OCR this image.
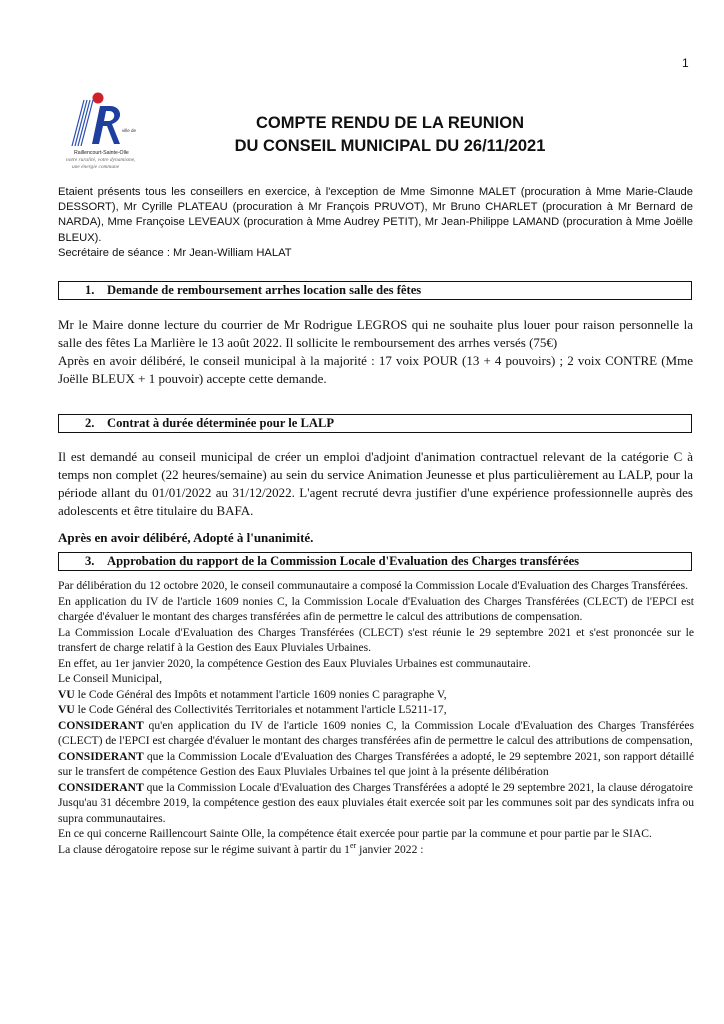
1
ville de
Raillencourt-Sainte-Olle
notre ruralité, votre dynamisme,
une énergie commune
COMPTE RENDU DE LA REUNION
DU CONSEIL MUNICIPAL DU 26/11/2021

Etaient présents tous les conseillers en exercice, à l'exception de Mme Simonne MALET (procuration à Mme Marie-Claude DESSORT), Mr Cyrille PLATEAU (procuration à Mr François PRUVOT), Mr Bruno CHARLET (procuration à Mr Bernard de NARDA), Mme Françoise LEVEAUX (procuration à Mme Audrey PETIT), Mr Jean-Philippe LAMAND (procuration à Mme Joëlle BLEUX).

Secrétaire de séance : Mr Jean-William HALAT

1. Demande de remboursement arrhes location salle des fêtes

Mr le Maire donne lecture du courrier de Mr Rodrigue LEGROS qui ne souhaite plus louer pour raison personnelle la salle des fêtes La Marlière le 13 août 2022. Il sollicite le remboursement des arrhes versés (75€)

Après en avoir délibéré, le conseil municipal à la majorité : 17 voix POUR (13 + 4 pouvoirs) ; 2 voix CONTRE (Mme Joëlle BLEUX + 1 pouvoir) accepte cette demande.

2. Contrat à durée déterminée pour le LALP

Il est demandé au conseil municipal de créer un emploi d'adjoint d'animation contractuel relevant de la catégorie C à temps non complet (22 heures/semaine) au sein du service Animation Jeunesse et plus particulièrement au LALP, pour la période allant du 01/01/2022 au 31/12/2022. L'agent recruté devra justifier d'une expérience professionnelle auprès des adolescents et être titulaire du BAFA.

Après en avoir délibéré, Adopté à l'unanimité.

3. Approbation du rapport de la Commission Locale d'Evaluation des Charges transférées

Par délibération du 12 octobre 2020, le conseil communautaire a composé la Commission Locale d'Evaluation des Charges Transférées.

En application du IV de l'article 1609 nonies C, la Commission Locale d'Evaluation des Charges Transférées (CLECT) de l'EPCI est chargée d'évaluer le montant des charges transférées afin de permettre le calcul des attributions de compensation.

La Commission Locale d'Evaluation des Charges Transférées (CLECT) s'est réunie le 29 septembre 2021 et s'est prononcée sur le transfert de charge relatif à la Gestion des Eaux Pluviales Urbaines.

En effet, au 1er janvier 2020, la compétence Gestion des Eaux Pluviales Urbaines est communautaire.

Le Conseil Municipal,

VU le Code Général des Impôts et notamment l'article 1609 nonies C paragraphe V,

VU le Code Général des Collectivités Territoriales et notamment l'article L5211-17,

CONSIDERANT qu'en application du IV de l'article 1609 nonies C, la Commission Locale d'Evaluation des Charges Transférées (CLECT) de l'EPCI est chargée d'évaluer le montant des charges transférées afin de permettre le calcul des attributions de compensation,

CONSIDERANT que la Commission Locale d'Evaluation des Charges Transférées a adopté, le 29 septembre 2021, son rapport détaillé sur le transfert de compétence Gestion des Eaux Pluviales Urbaines tel que joint à la présente délibération

CONSIDERANT que la Commission Locale d'Evaluation des Charges Transférées a adopté le 29 septembre 2021, la clause dérogatoire

Jusqu'au 31 décembre 2019, la compétence gestion des eaux pluviales était exercée soit par les communes soit par des syndicats infra ou supra communautaires.

En ce qui concerne Raillencourt Sainte Olle, la compétence était exercée pour partie par la commune et pour partie par le SIAC.

La clause dérogatoire repose sur le régime suivant à partir du 1er janvier 2022 :
